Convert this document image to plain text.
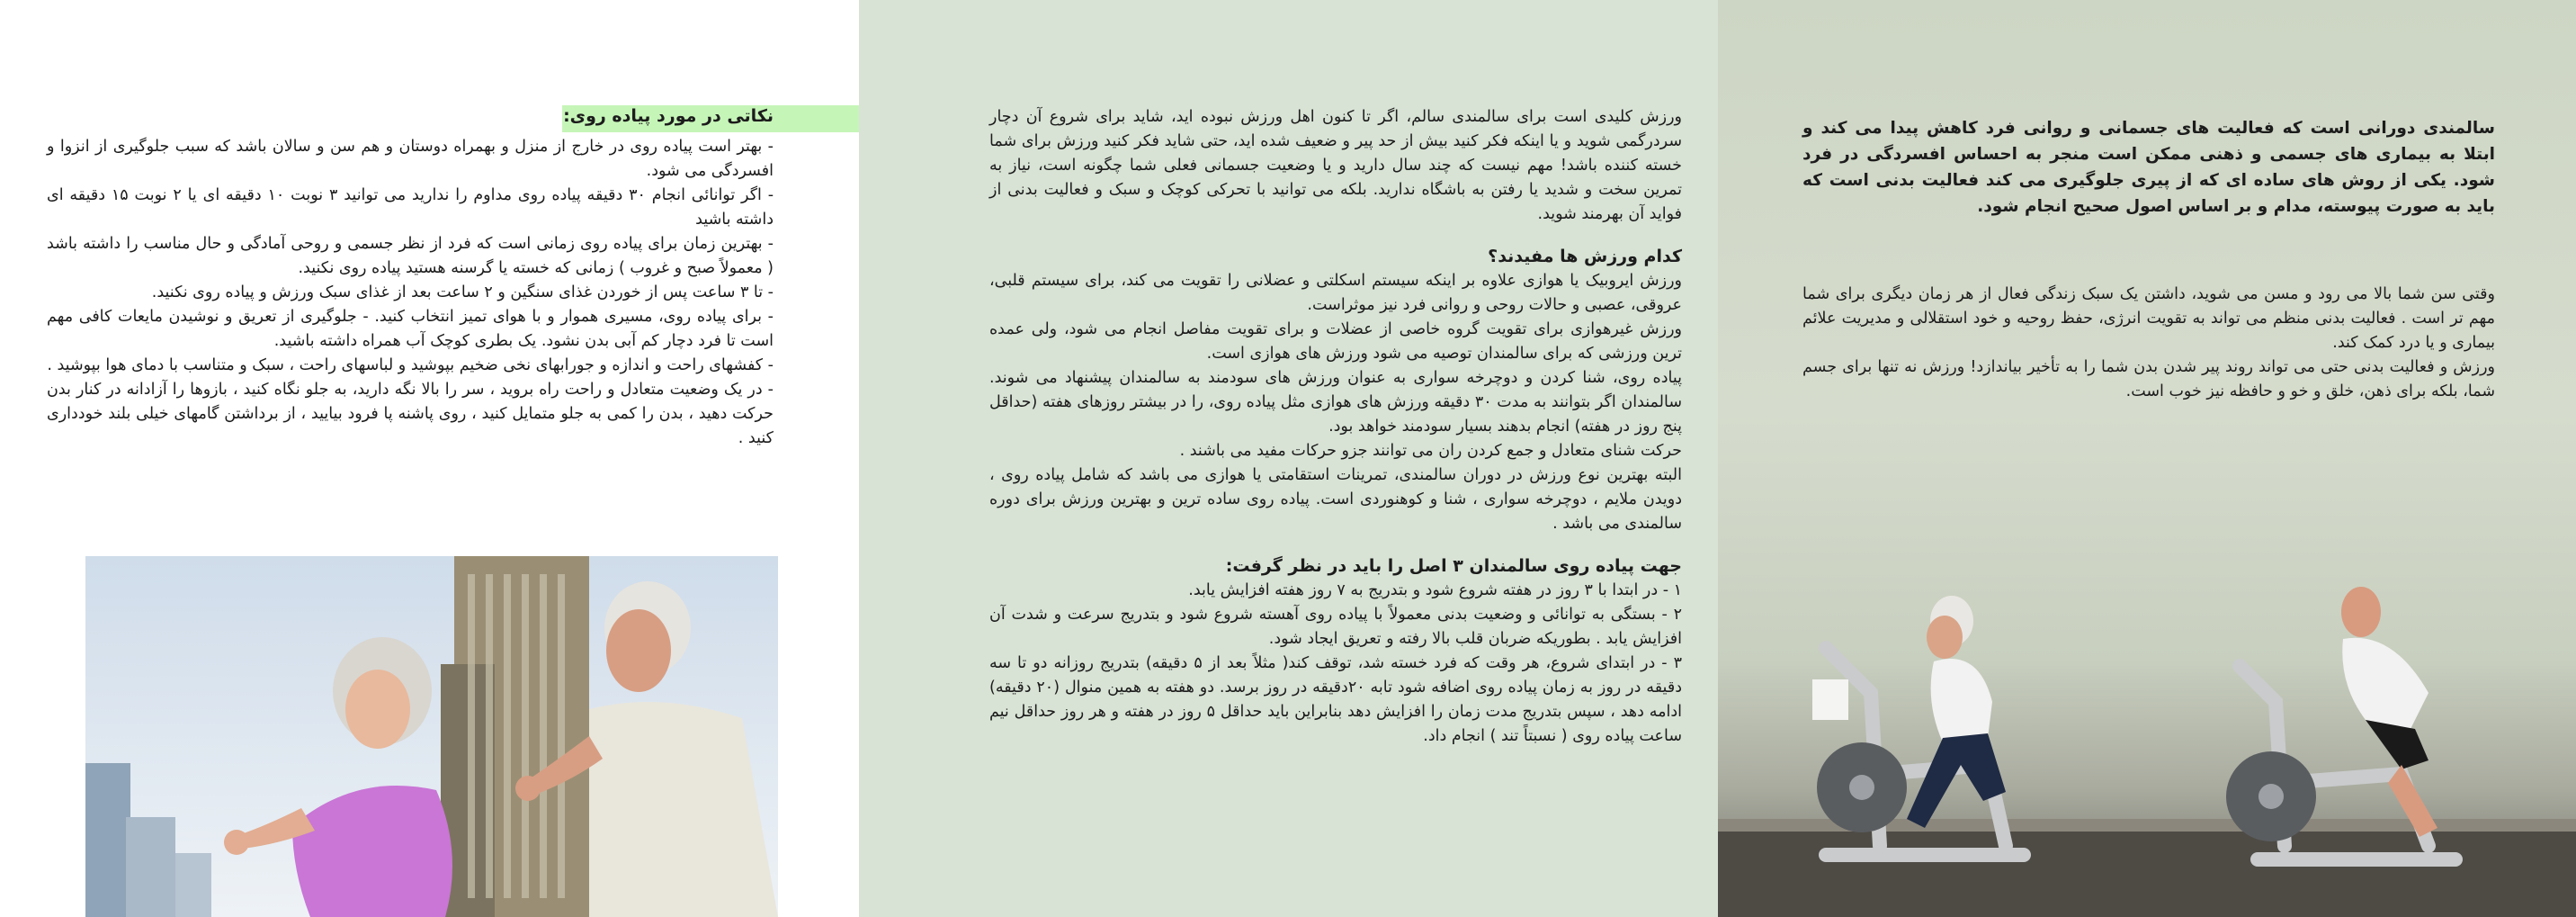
نکاتی در مورد پیاده روی:

- بهتر است پیاده روی در خارج از منزل و بهمراه دوستان و هم سن و سالان باشد که سبب جلوگیری از انزوا و افسردگی می شود.

- اگر توانائی انجام ۳۰ دقیقه پیاده روی مداوم را ندارید می توانید ۳ نوبت ۱۰ دقیقه ای یا ۲ نوبت ۱۵ دقیقه ای داشته باشید

- بهترین زمان برای پیاده روی زمانی است که فرد از نظر جسمی و روحی آمادگی و حال مناسب را داشته باشد ( معمولاً صبح و غروب ) زمانی که خسته یا گرسنه هستید پیاده روی نکنید.

- تا ۳ ساعت پس از خوردن غذای سنگین و ۲ ساعت بعد از غذای سبک ورزش و پیاده روی نکنید.

- برای پیاده روی، مسیری هموار و با هوای تمیز انتخاب کنید. - جلوگیری از تعریق و نوشیدن مایعات کافی مهم است تا فرد دچار کم آبی بدن نشود. یک بطری کوچک آب همراه داشته باشید.

- کفشهای راحت و اندازه و جورابهای نخی ضخیم بپوشید و لباسهای راحت ، سبک و متناسب با دمای هوا بپوشید .

- در یک وضعیت متعادل و راحت راه بروید ، سر را بالا نگه دارید، به جلو نگاه کنید ، بازوها را آزادانه در کنار بدن حرکت دهید ، بدن را کمی به جلو متمایل کنید ، روی پاشنه پا فرود بیایید ، از برداشتن گامهای خیلی بلند خودداری کنید .

ورزش کلیدی است برای سالمندی سالم، اگر تا کنون اهل ورزش نبوده اید، شاید برای شروع آن دچار سردرگمی شوید و یا اینکه فکر کنید بیش از حد پیر و ضعیف شده اید، حتی شاید فکر کنید ورزش برای شما خسته کننده باشد! مهم نیست که چند سال دارید و یا وضعیت جسمانی فعلی شما چگونه است، نیاز به تمرین سخت و شدید یا رفتن به باشگاه ندارید. بلکه می توانید با تحرکی کوچک و سبک و فعالیت بدنی از فواید آن بهرمند شوید.

کدام ورزش ها مفیدند؟

ورزش ایروبیک یا هوازی علاوه بر اینکه سیستم اسکلتی و عضلانی را تقویت می کند، برای سیستم قلبی، عروقی، عصبی و حالات روحی و روانی فرد نیز موثراست.

ورزش غیرهوازی برای تقویت گروه خاصی از عضلات و برای تقویت مفاصل انجام می شود، ولی عمده ترین ورزشی که برای سالمندان توصیه می شود ورزش های هوازی است.

پیاده روی، شنا کردن و دوچرخه سواری به عنوان ورزش های سودمند به سالمندان پیشنهاد می شوند. سالمندان اگر بتوانند به مدت ۳۰ دقیقه ورزش های هوازی مثل پیاده روی، را در بیشتر روزهای هفته (حداقل پنج روز در هفته) انجام بدهند بسیار سودمند خواهد بود.

حرکت شنای متعادل و جمع کردن ران می توانند جزو حرکات مفید می باشند .

البته بهترین نوع ورزش در دوران سالمندی، تمرینات استقامتی یا هوازی می باشد که شامل پیاده روی ، دویدن ملایم ، دوچرخه سواری ، شنا و کوهنوردی است. پیاده روی ساده ترین و بهترین ورزش برای دوره سالمندی می باشد .

جهت پیاده روی سالمندان ۳ اصل را باید در نظر گرفت:

۱ - در ابتدا با ۳ روز در هفته شروع شود و بتدریج به ۷ روز هفته افزایش یابد.

۲ - بستگی به توانائی و وضعیت بدنی معمولاً با پیاده روی آهسته شروع شود و بتدریج سرعت و شدت آن افزایش یابد . بطوریکه ضربان قلب بالا رفته و تعریق ایجاد شود.

۳ - در ابتدای شروع، هر وقت که فرد خسته شد، توقف کند( مثلاً بعد از ۵ دقیقه) بتدریج روزانه دو تا سه دقیقه در روز به زمان پیاده روی اضافه شود تابه ۲۰دقیقه در روز برسد. دو هفته به همین منوال (۲۰ دقیقه) ادامه دهد ، سپس بتدریج مدت زمان را افزایش دهد بنابراین باید حداقل ۵ روز در هفته و هر روز حداقل نیم ساعت پیاده روی ( نسبتاً تند ) انجام داد.

سالمندی دورانی است که فعالیت های جسمانی و روانی فرد کاهش پیدا می کند و ابتلا به بیماری های جسمی و ذهنی ممکن است منجر به احساس افسردگی در فرد شود. یکی از روش های ساده ای که از پیری جلوگیری می کند فعالیت بدنی است که باید به صورت پیوسته، مدام و بر اساس اصول صحیح انجام شود.

وقتی سن شما بالا می رود و مسن می شوید، داشتن یک سبک زندگی فعال از هر زمان دیگری برای شما مهم تر است . فعالیت بدنی منظم می تواند به تقویت انرژی، حفظ روحیه و خود استقلالی و مدیریت علائم بیماری و یا درد کمک کند.

ورزش و فعالیت بدنی حتی می تواند روند پیر شدن بدن شما را به تأخیر بیاندازد! ورزش نه تنها برای جسم شما، بلکه برای ذهن، خلق و خو و حافظه نیز خوب است.
